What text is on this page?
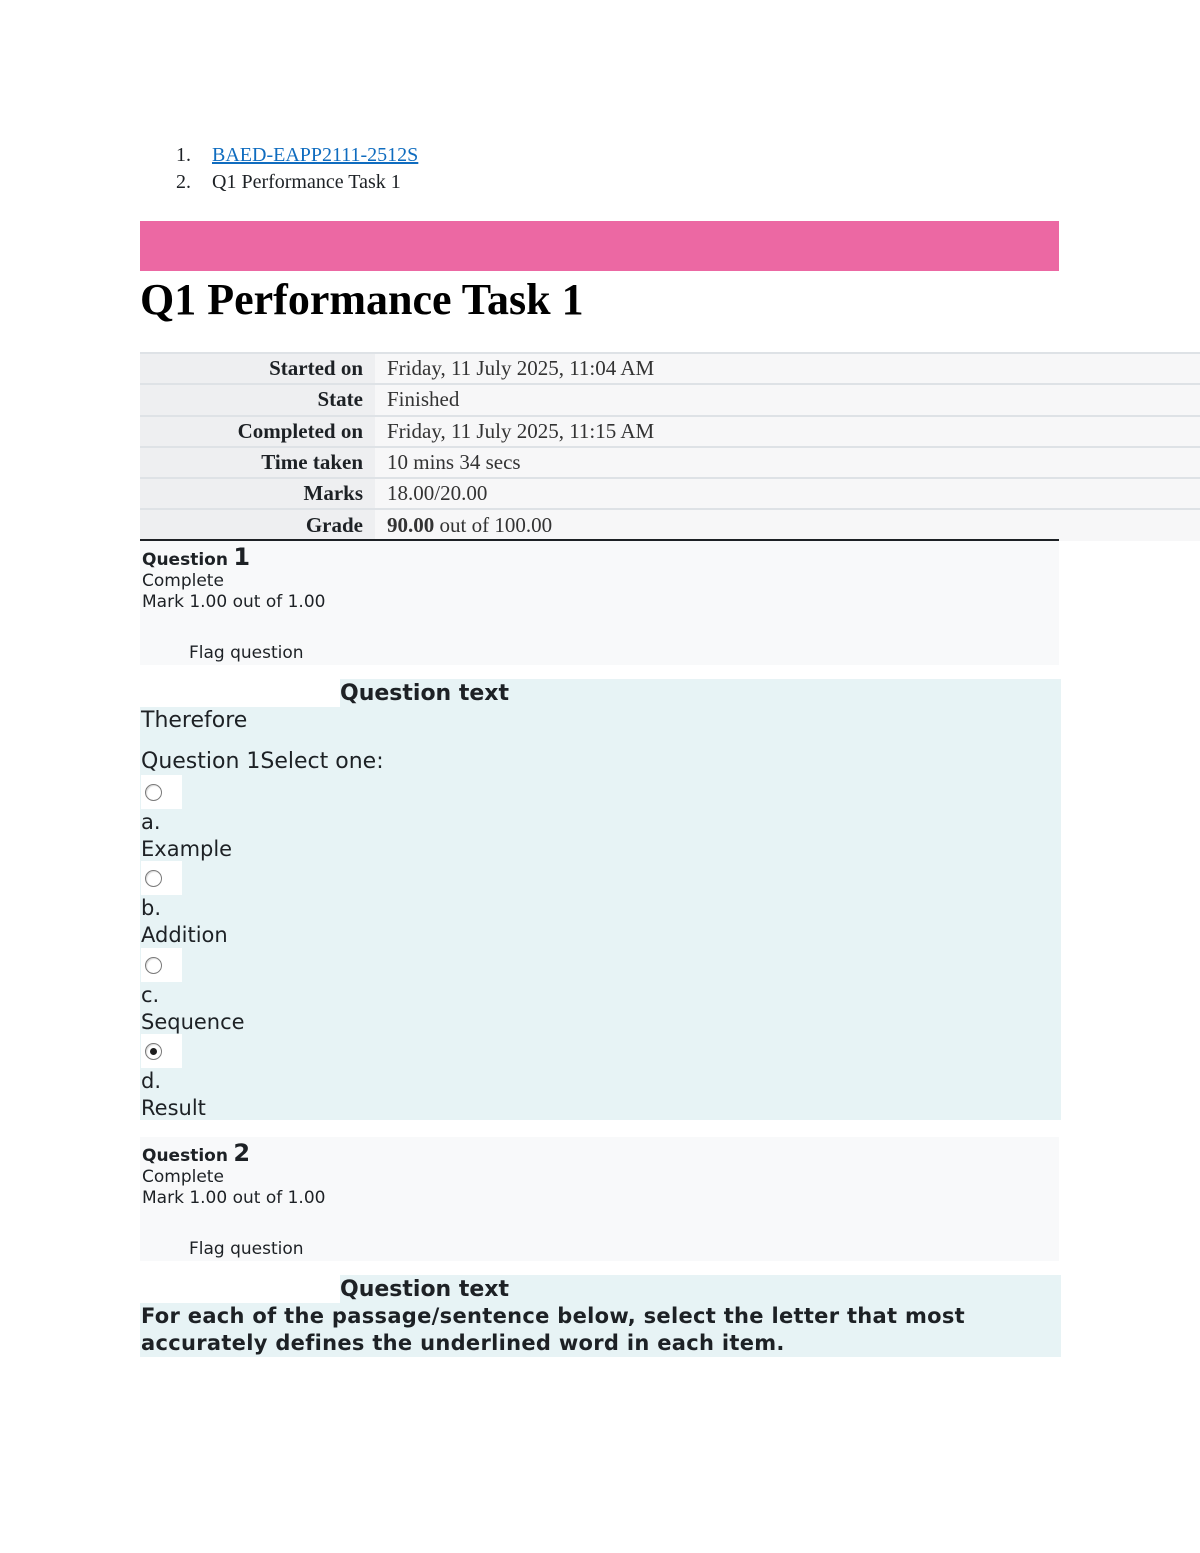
1.	BAED-EAPP2111-2512S
2.	Q1 Performance Task 1
Q1 Performance Task 1
Started on	Friday, 11 July 2025, 11:04 AM
State	Finished
Completed on	Friday, 11 July 2025, 11:15 AM
Time taken	10 mins 34 secs
Marks	18.00/20.00
Grade	90.00 out of 100.00
Question 1
Complete
Mark 1.00 out of 1.00
Flag question
Question text
Therefore
Question 1Select one:
a.
Example
b.
Addition
c.
Sequence
d.
Result
Question 2
Complete
Mark 1.00 out of 1.00
Flag question
Question text
For each of the passage/sentence below, select the letter that most accurately defines the underlined word in each item.
